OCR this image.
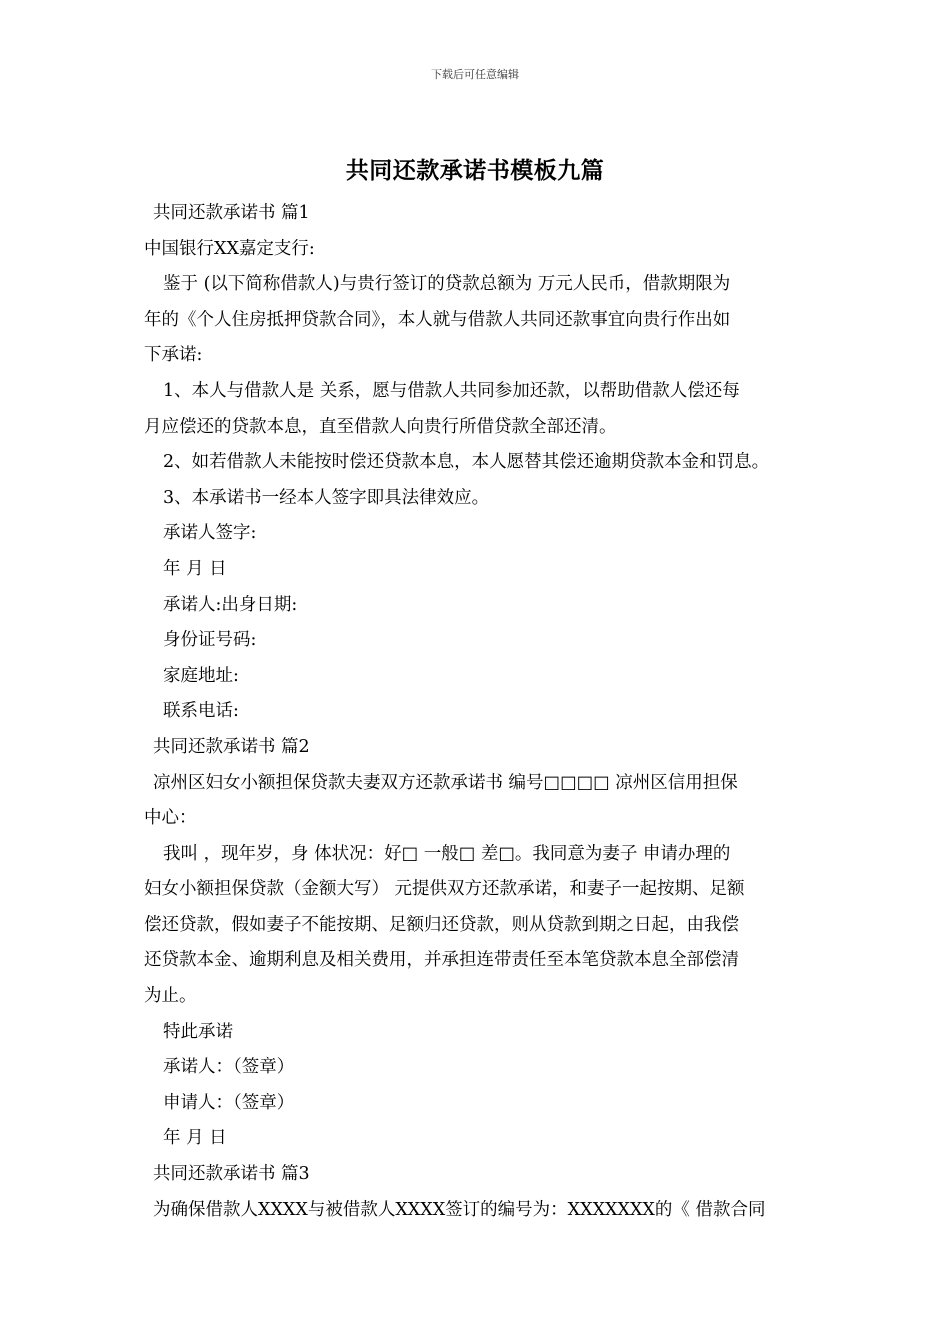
下载后可任意编辑
共同还款承诺书模板九篇
共同还款承诺书 篇1
中国银行XX嘉定支行:
鉴于 (以下简称借款人)与贵行签订的贷款总额为 万元人民币，借款期限为
年的《个人住房抵押贷款合同》，本人就与借款人共同还款事宜向贵行作出如
下承诺:
1、本人与借款人是 关系，愿与借款人共同参加还款，以帮助借款人偿还每
月应偿还的贷款本息，直至借款人向贵行所借贷款全部还清。
2、如若借款人未能按时偿还贷款本息，本人愿替其偿还逾期贷款本金和罚息。
3、本承诺书一经本人签字即具法律效应。
承诺人签字:
年 月 日
承诺人:出身日期:
身份证号码:
家庭地址:
联系电话:
共同还款承诺书 篇2
凉州区妇女小额担保贷款夫妻双方还款承诺书 编号□□□□ 凉州区信用担保
中心：
我叫 ，现年岁，身 体状况：好□ 一般□ 差□。我同意为妻子 申请办理的
妇女小额担保贷款（金额大写） 元提供双方还款承诺，和妻子一起按期、足额
偿还贷款，假如妻子不能按期、足额归还贷款，则从贷款到期之日起，由我偿
还贷款本金、逾期利息及相关费用，并承担连带责任至本笔贷款本息全部偿清
为止。
特此承诺
承诺人：（签章）
申请人：（签章）
年 月 日
共同还款承诺书 篇3
为确保借款人XXXX与被借款人XXXX签订的编号为：XXXXXXX的《 借款合同
